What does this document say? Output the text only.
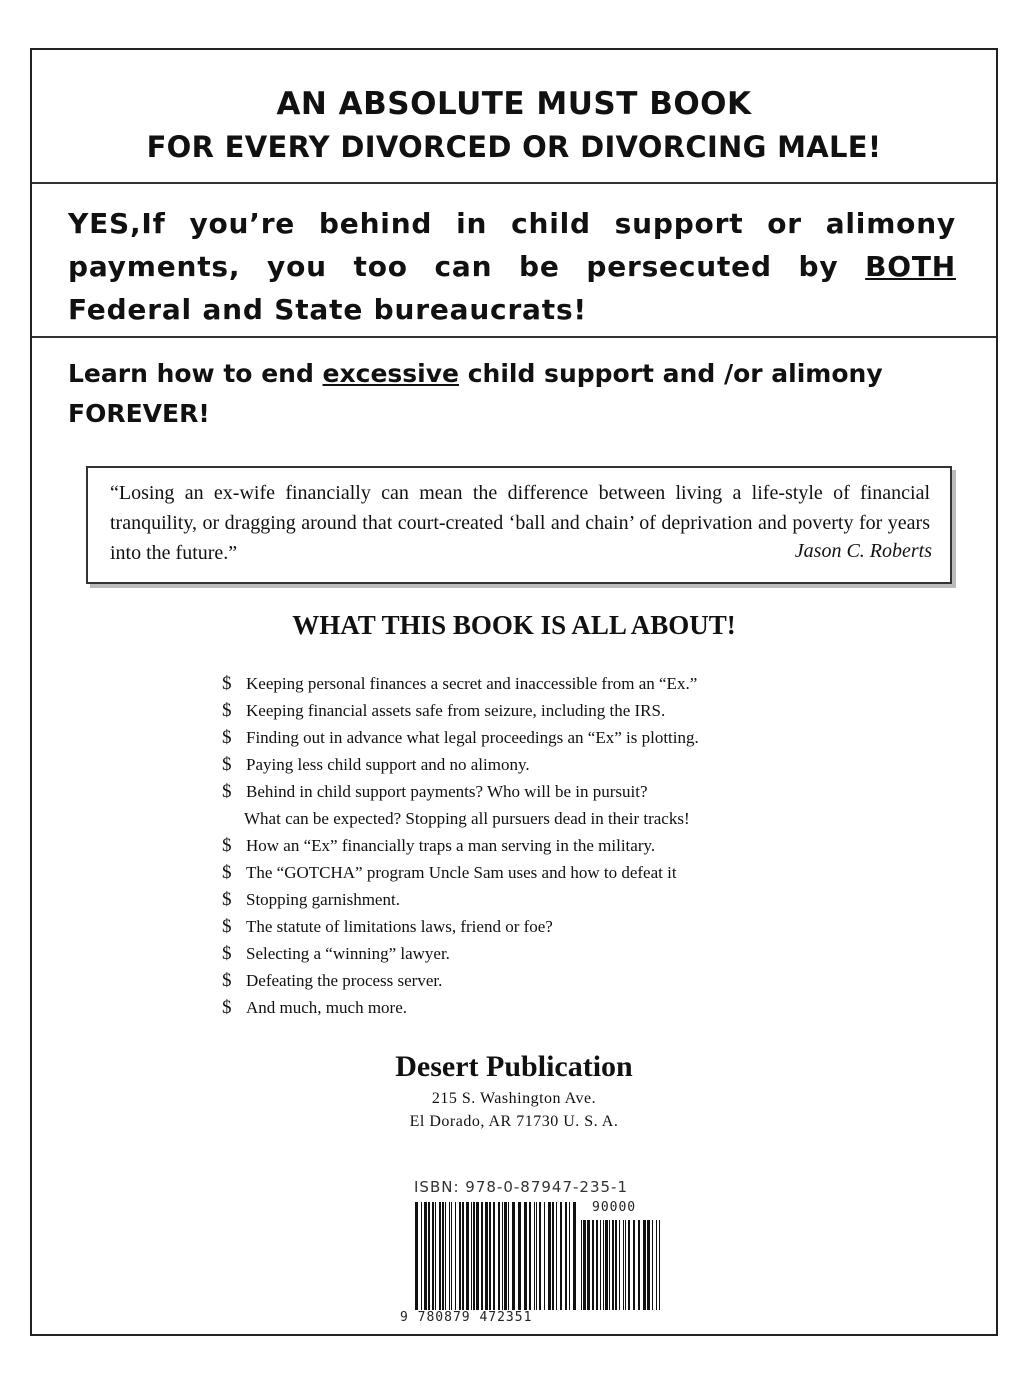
AN ABSOLUTE MUST BOOK
FOR EVERY DIVORCED OR DIVORCING MALE!
YES,If you’re behind in child support or alimony payments, you too can be persecuted by BOTH Federal and State bureaucrats!
Learn how to end excessive child support and /or alimony
FOREVER!
“Losing an ex-wife financially can mean the difference between living a life-style of financial tranquility, or dragging around that court-created ‘ball and chain’ of deprivation and poverty for years into the future.”	Jason C. Roberts
WHAT THIS BOOK IS ALL ABOUT!
$ Keeping personal finances a secret and inaccessible from an “Ex.”
$ Keeping financial assets safe from seizure, including the IRS.
$ Finding out in advance what legal proceedings an “Ex” is plotting.
$ Paying less child support and no alimony.
$ Behind in child support payments? Who will be in pursuit?
What can be expected? Stopping all pursuers dead in their tracks!
$ How an “Ex” financially traps a man serving in the military.
$ The “GOTCHA” program Uncle Sam uses and how to defeat it
$ Stopping garnishment.
$ The statute of limitations laws, friend or foe?
$ Selecting a “winning” lawyer.
$ Defeating the process server.
$ And much, much more.
Desert Publication
215 S. Washington Ave.
El Dorado, AR 71730 U. S. A.
ISBN: 978-0-87947-235-1
90000
9 780879 472351
